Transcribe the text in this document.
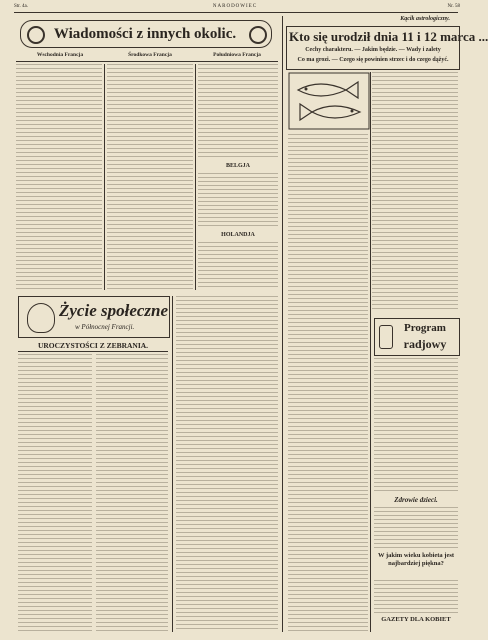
Str. 4a.	NARODOWIEC	Nr. 58
Wiadomości z innych okolic.
Wschodnia Francja	Środkowa Francja	Południowa Francja
BELGJA
HOLANDJA
Życie społeczne
w Północnej Francji.
UROCZYSTOŚCI Z ZEBRANIA.
Kącik astrologiczny.
Kto się urodził dnia 11 i 12 marca ...
Cechy charakteru. — Jakim będzie. — Wady i zalety
Co ma grozi. — Czego się powinien strzec i do czego dążyć.
Program
radjowy
Zdrowie dzieci.
W jakim wieku kobieta jest najbardziej piękna?
GAZETY DLA KOBIET
